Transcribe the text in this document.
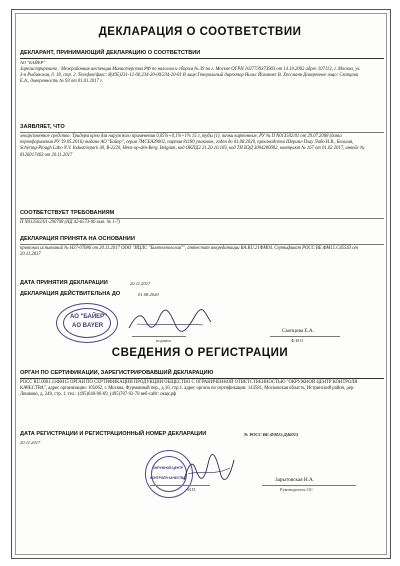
ДЕКЛАРАЦИЯ О СООТВЕТСТВИИ
ДЕКЛАРАНТ, ПРИНИМАЮЩИЙ ДЕКЛАРАЦИЮ О СООТВЕТСТВИИ
АО "БАЙЕР"
Зарегистрировано : Межрайонная инспекция Министерства РФ по налогам и сборам № 39 по г. Москве ОГРН 1027739373903 от 14.10.2002 адрес 107113, г. Москва, ул. 3-я Рыбинская, д. 18, стр. 2. Телефон/факс: 8(495)231-12-00,234-20-00/234-20-01 В лице:Генеральный директор Нильс Йоханнес В. Хессманн Доверенное лицо: Скопцова Е.А., доверенность № 93 от 01.01.2017 г.
ЗАЯВЛЯЕТ, ЧТО
лекарственное средство: Тридерм крем для наружного применения 0,05%+0,1%+1% 15 г, тубы (1), пачки картонные, РУ № П N013502/01 от 29.07.2008 (дата переоформления РУ 19.05.2016) выдано АО "Байер", серия 7MCEA39002, партия 81180 упаковок, годен до 01.08.2020, производства Шеринг-Плау Лабо Н.В., Бельгия, Schering-Plough Labo N.V. Industriepark 30, B-2220, Heist-op-den-Berg, Belgium, код ОКПД2 21.20.10.169, код ТН ВЭД 3004200002, контракт № 167 от 01.02.2017, инвойс № 8126017463 от 20.11.2017
СООТВЕТСТВУЕТ ТРЕБОВАНИЯМ
П N013502/01-290708 (НД 42-6573-06 вып. № 1-7)
ДЕКЛАРАЦИЯ ПРИНЯТА НА ОСНОВАНИИ
протокол испытаний № Н37-07086 от 20.11.2017 ООО "ИЦЛС "Биотехнологии"", аттестат аккредитации RA.RU.21ФМ04. Сертификат РОСС BE.ФМ15.C45543 от 20.11.2017
ДАТА ПРИНЯТИЯ ДЕКЛАРАЦИИ	20.11.2017
ДЕКЛАРАЦИЯ ДЕЙСТВИТЕЛЬНА ДО	01.08.2020
АО "БАЙЕР"
AO BAYER
подпись
Скопцова Е.А.
Ф.И.О
СВЕДЕНИЯ О РЕГИСТРАЦИИ
ОРГАН ПО СЕРТИФИКАЦИИ, ЗАРЕГИСТРИРОВАВШИЙ ДЕКЛАРАЦИЮ
РОСС RU.0001.11ФМ15 ОРГАН ПО СЕРТИФИКАЦИИ ПРОДУКЦИИ ОБЩЕСТВО С ОГРАНИЧЕННОЙ ОТВЕТСТВЕННОСТЬЮ "ОКРУЖНОЙ ЦЕНТР КОНТРОЛЯ КАЧЕСТВА", адрес организации: 105062, г. Москва, Фурманный пер., д.10, стр.1. адрес органа по сертификации: 143581, Московская область, Истринский район, дер. Лешково, д. 248, стр. 1, тел.: (495)640-96-69, (495)787-92-78 веб-сайт: oкцк.рф
ДАТА РЕГИСТРАЦИИ И РЕГИСТРАЦИОННЫЙ НОМЕР ДЕКЛАРАЦИИ	№ РОСС BE.ФМ15.Д46015
20.11.2017
ОКРУЖНОЙ ЦЕНТР
КОНТРОЛЯ КАЧЕСТВА
М.П.
Зарытовская Н.А.
Руководитель ОС
